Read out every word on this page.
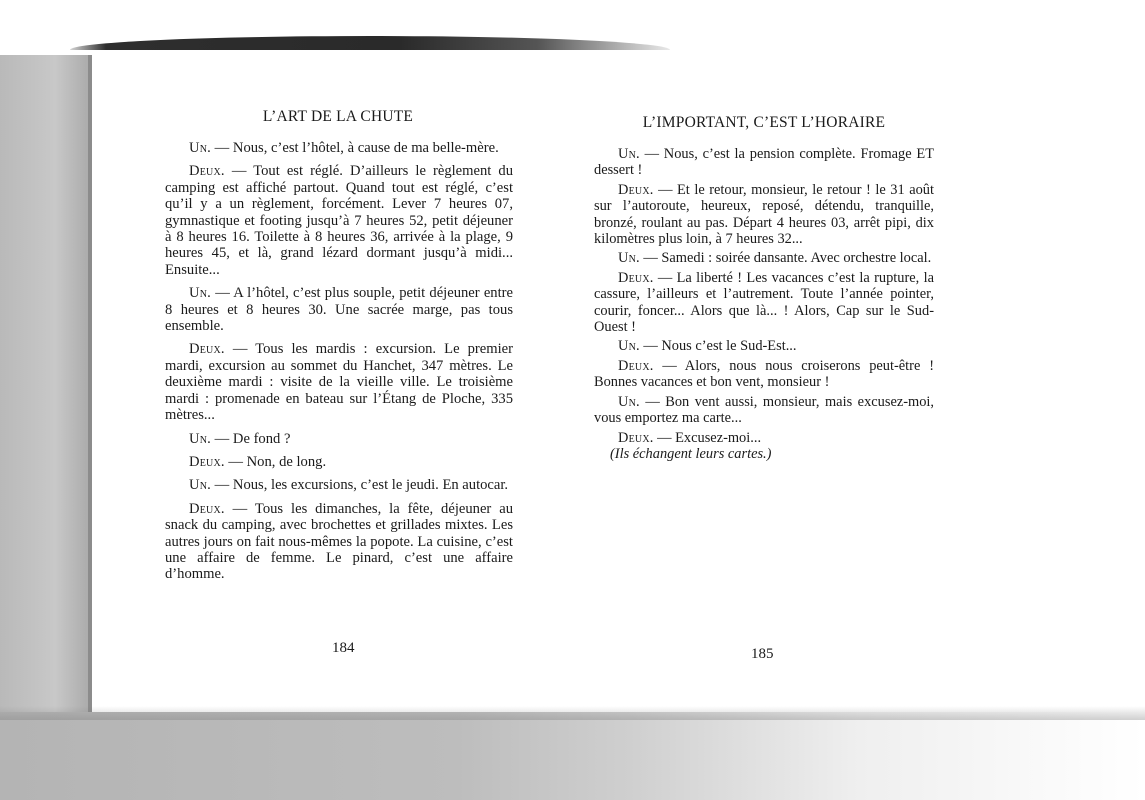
L’ART DE LA CHUTE

Un. — Nous, c’est l’hôtel, à cause de ma belle-mère.

Deux. — Tout est réglé. D’ailleurs le règlement du camping est affiché partout. Quand tout est réglé, c’est qu’il y a un règlement, forcément. Lever 7 heures 07, gymnastique et footing jusqu’à 7 heures 52, petit déjeuner à 8 heures 16. Toilette à 8 heures 36, arrivée à la plage, 9 heures 45, et là, grand lézard dormant jusqu’à midi... Ensuite...

Un. — A l’hôtel, c’est plus souple, petit déjeuner entre 8 heures et 8 heures 30. Une sacrée marge, pas tous ensemble.

Deux. — Tous les mardis : excursion. Le premier mardi, excursion au sommet du Hanchet, 347 mètres. Le deuxième mardi : visite de la vieille ville. Le troisième mardi : promenade en bateau sur l’Étang de Ploche, 335 mètres...

Un. — De fond ?

Deux. — Non, de long.

Un. — Nous, les excursions, c’est le jeudi. En autocar.

Deux. — Tous les dimanches, la fête, déjeuner au snack du camping, avec brochettes et grillades mixtes. Les autres jours on fait nous-mêmes la popote. La cuisine, c’est une affaire de femme. Le pinard, c’est une affaire d’homme.

184
L’IMPORTANT, C’EST L’HORAIRE

Un. — Nous, c’est la pension complète. Fromage ET dessert !

Deux. — Et le retour, monsieur, le retour ! le 31 août sur l’autoroute, heureux, reposé, détendu, tranquille, bronzé, roulant au pas. Départ 4 heures 03, arrêt pipi, dix kilomètres plus loin, à 7 heures 32...

Un. — Samedi : soirée dansante. Avec orchestre local.

Deux. — La liberté ! Les vacances c’est la rupture, la cassure, l’ailleurs et l’autrement. Toute l’année pointer, courir, foncer... Alors que là... ! Alors, Cap sur le Sud-Ouest !

Un. — Nous c’est le Sud-Est...

Deux. — Alors, nous nous croiserons peut-être ! Bonnes vacances et bon vent, monsieur !

Un. — Bon vent aussi, monsieur, mais excusez-moi, vous emportez ma carte...

Deux. — Excusez-moi...

(Ils échangent leurs cartes.)

185
